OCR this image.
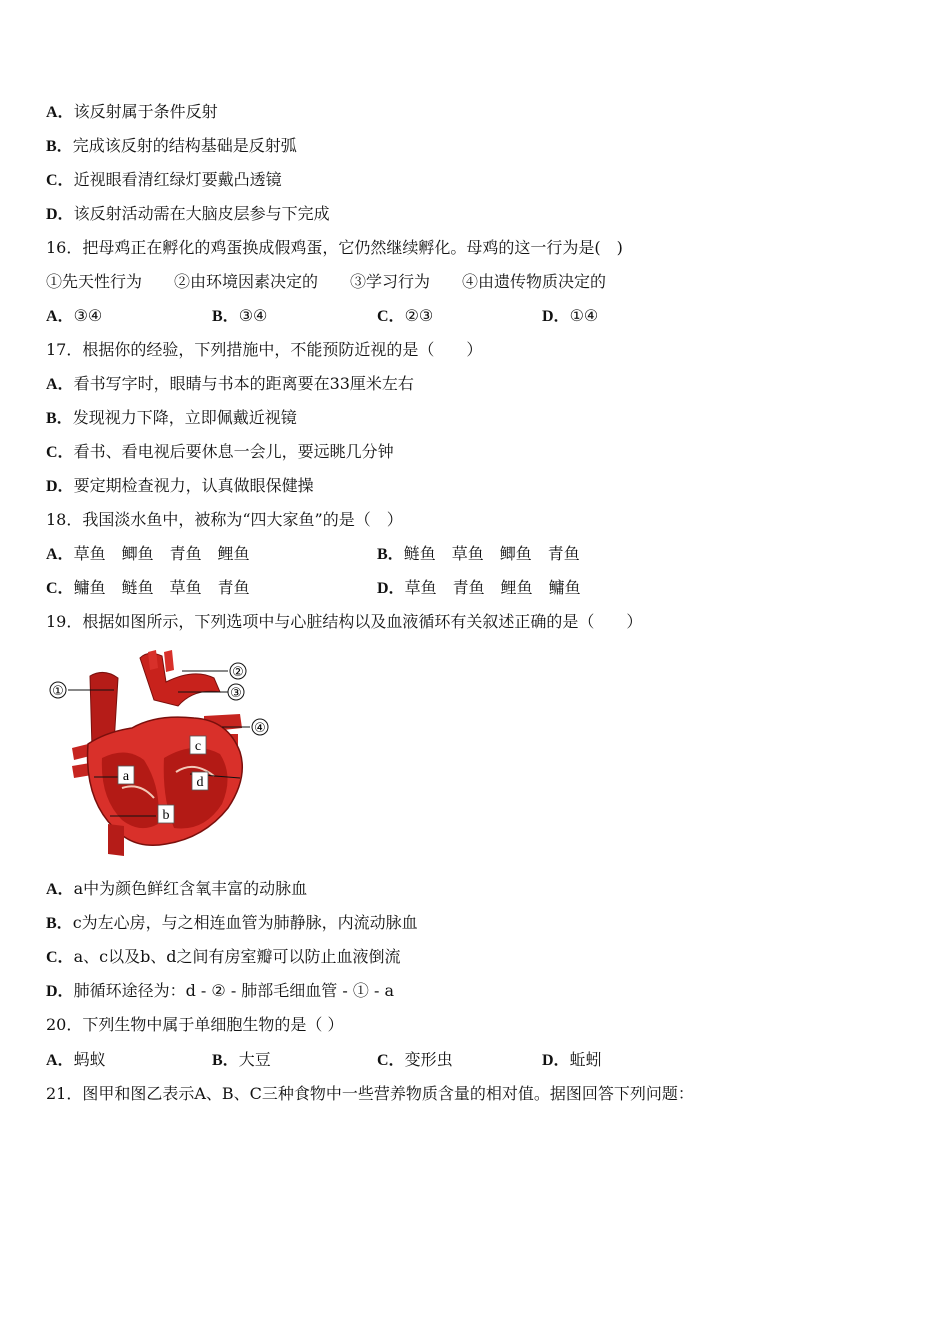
A．该反射属于条件反射
B．完成该反射的结构基础是反射弧
C．近视眼看清红绿灯要戴凸透镜
D．该反射活动需在大脑皮层参与下完成
16．把母鸡正在孵化的鸡蛋换成假鸡蛋，它仍然继续孵化。母鸡的这一行为是(　)
①先天性行为　　②由环境因素决定的　　③学习行为　　④由遗传物质决定的
A．③④	B．③④	C．②③	D．①④
17．根据你的经验，下列措施中，不能预防近视的是（　　）
A．看书写字时，眼睛与书本的距离要在33厘米左右
B．发现视力下降，立即佩戴近视镜
C．看书、看电视后要休息一会儿，要远眺几分钟
D．要定期检查视力，认真做眼保健操
18．我国淡水鱼中，被称为“四大家鱼”的是（　）
A．草鱼　鲫鱼　青鱼　鲤鱼	B．鲢鱼　草鱼　鲫鱼　青鱼
C．鳙鱼　鲢鱼　草鱼　青鱼	D．草鱼　青鱼　鲤鱼　鳙鱼
19．根据如图所示，下列选项中与心脏结构以及血液循环有关叙述正确的是（　　）
①
②
③
④
a
b
c
d
A．a中为颜色鲜红含氧丰富的动脉血
B．c为左心房，与之相连血管为肺静脉，内流动脉血
C．a、c以及b、d之间有房室瓣可以防止血液倒流
D．肺循环途径为：d - ② - 肺部毛细血管 - ① - a
20．下列生物中属于单细胞生物的是（ ）
A．蚂蚁	B．大豆	C．变形虫	D．蚯蚓
21．图甲和图乙表示A、B、C三种食物中一些营养物质含量的相对值。据图回答下列问题：
